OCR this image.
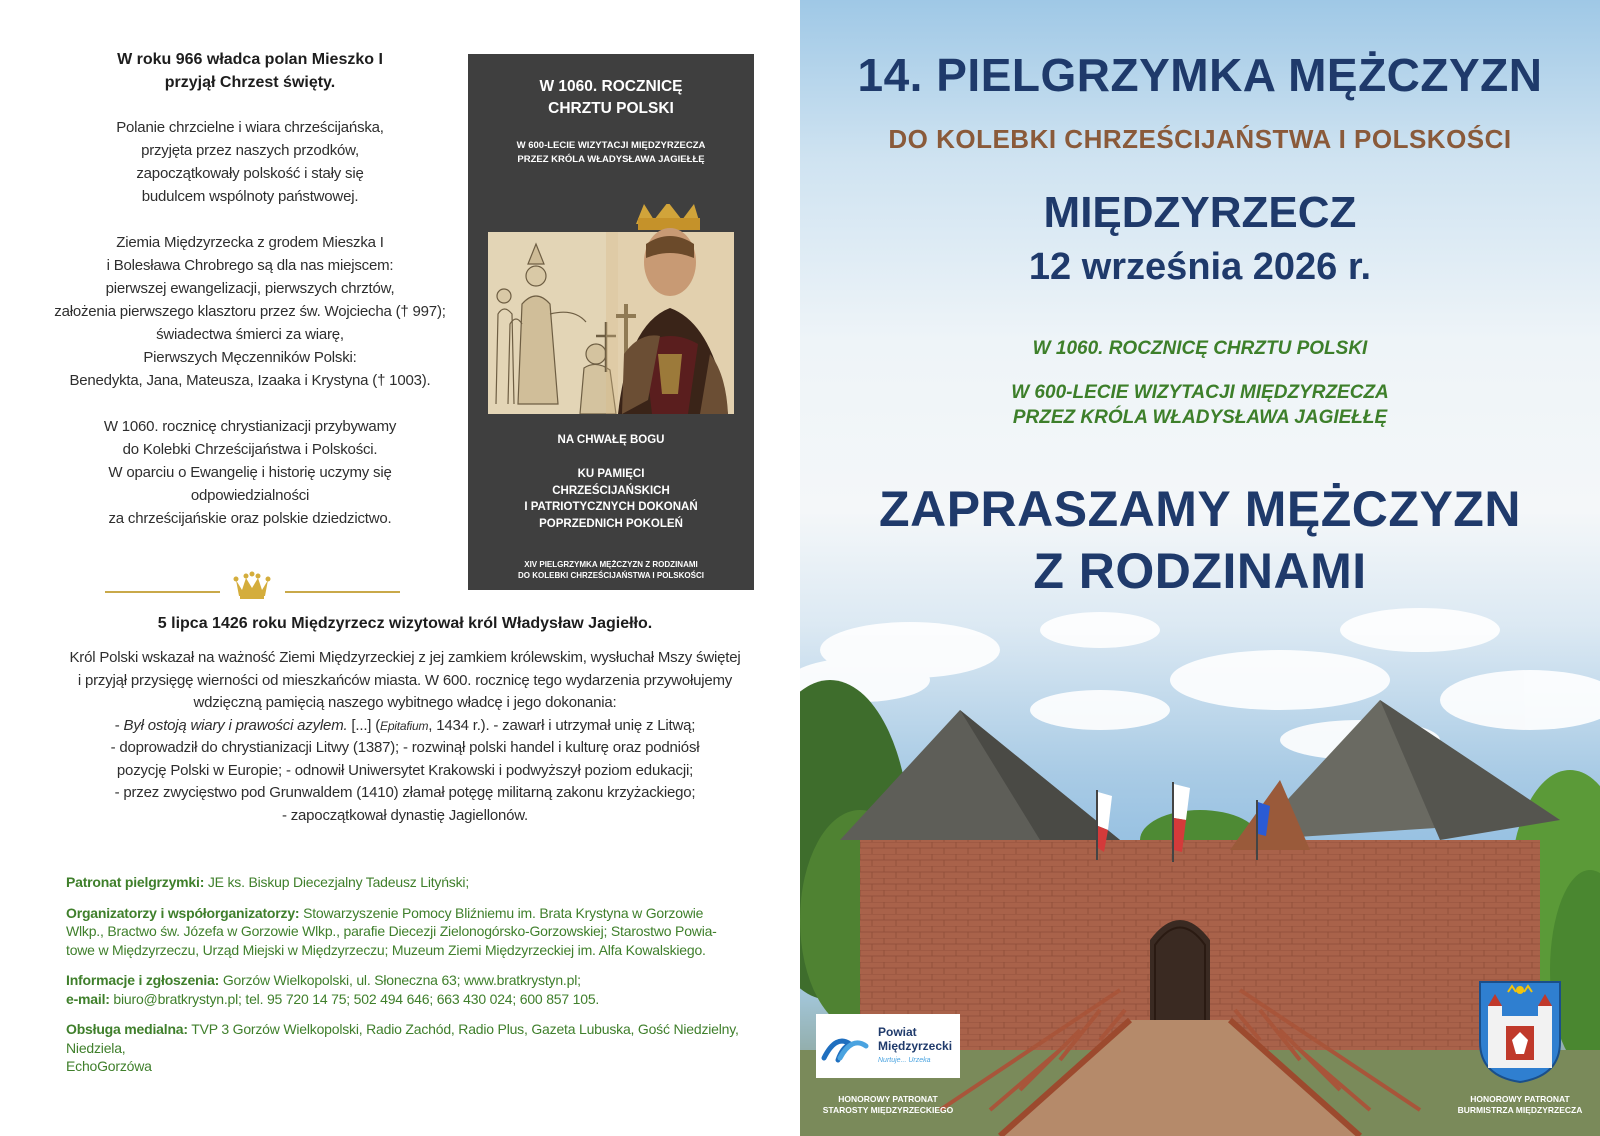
W roku 966 władca polan Mieszko I
przyjął Chrzest święty.

Polanie chrzcielne i wiara chrześcijańska,
przyjęta przez naszych przodków,
zapoczątkowały polskość i stały się
budulcem wspólnoty państwowej.

Ziemia Międzyrzecka z grodem Mieszka I
i Bolesława Chrobrego są dla nas miejscem:
pierwszej ewangelizacji, pierwszych chrztów,
założenia pierwszego klasztoru przez św. Wojciecha († 997);
świadectwa śmierci za wiarę,
Pierwszych Męczenników Polski:
Benedykta, Jana, Mateusza, Izaaka i Krystyna († 1003).

W 1060. rocznicę chrystianizacji przybywamy
do Kolebki Chrześcijaństwa i Polskości.
W oparciu o Ewangelię i historię uczymy się
odpowiedzialności
za chrześcijańskie oraz polskie dziedzictwo.

5 lipca 1426 roku Międzyrzecz wizytował król Władysław Jagiełło.

Król Polski wskazał na ważność Ziemi Międzyrzeckiej z jej zamkiem królewskim, wysłuchał Mszy świętej
i przyjął przysięgę wierności od mieszkańców miasta. W 600. rocznicę tego wydarzenia przywołujemy
wdzięczną pamięcią naszego wybitnego władcę i jego dokonania:
- Był ostoją wiary i prawości azylem. [...] (Epitafium, 1434 r.). - zawarł i utrzymał unię z Litwą;
- doprowadził do chrystianizacji Litwy (1387); - rozwinął polski handel i kulturę oraz podniósł
pozycję Polski w Europie; - odnowił Uniwersytet Krakowski i podwyższył poziom edukacji;
- przez zwycięstwo pod Grunwaldem (1410) złamał potęgę militarną zakonu krzyżackiego;
- zapoczątkował dynastię Jagiellonów.

Patronat pielgrzymki: JE ks. Biskup Diecezjalny Tadeusz Lityński;
Organizatorzy i współorganizatorzy: Stowarzyszenie Pomocy Bliźniemu im. Brata Krystyna w Gorzowie
Wlkp., Bractwo św. Józefa w Gorzowie Wlkp., parafie Diecezji Zielonogórsko-Gorzowskiej; Starostwo Powia-
towe w Międzyrzeczu, Urząd Miejski w Międzyrzeczu; Muzeum Ziemi Międzyrzeckiej im. Alfa Kowalskiego.
Informacje i zgłoszenia: Gorzów Wielkopolski, ul. Słoneczna 63; www.bratkrystyn.pl;
e-mail: biuro@bratkrystyn.pl; tel. 95 720 14 75; 502 494 646; 663 430 024; 600 857 105.
Obsługa medialna: TVP 3 Gorzów Wielkopolski, Radio Zachód, Radio Plus, Gazeta Lubuska, Gość Niedzielny, Niedziela,
EchoGorzówa
W 1060. ROCZNICĘ
CHRZTU POLSKI
W 600-LECIE WIZYTACJI MIĘDZYRZECZA
PRZEZ KRÓLA WŁADYSŁAWA JAGIEŁŁĘ
NA CHWAŁĘ BOGU
KU PAMIĘCI
CHRZEŚCIJAŃSKICH
I PATRIOTYCZNYCH DOKONAŃ
POPRZEDNICH POKOLEŃ
XIV PIELGRZYMKA MĘŻCZYZN Z RODZINAMI
DO KOLEBKI CHRZEŚCIJAŃSTWA I POLSKOŚCI
MIĘDZYRZECZ, DNIA 12. IX. 2026 R.
14. PIELGRZYMKA MĘŻCZYZN
DO KOLEBKI CHRZEŚCIJAŃSTWA I POLSKOŚCI
MIĘDZYRZECZ
12 września 2026 r.
W 1060. ROCZNICĘ CHRZTU POLSKI
W 600-LECIE WIZYTACJI MIĘDZYRZECZA
PRZEZ KRÓLA WŁADYSŁAWA JAGIEŁŁĘ
ZAPRASZAMY MĘŻCZYZN
Z RODZINAMI
Powiat
Międzyrzecki
Nurtuje... Urzeka
HONOROWY PATRONAT
STAROSTY MIĘDZYRZECKIEGO
HONOROWY PATRONAT
BURMISTRZA MIĘDZYRZECZA
